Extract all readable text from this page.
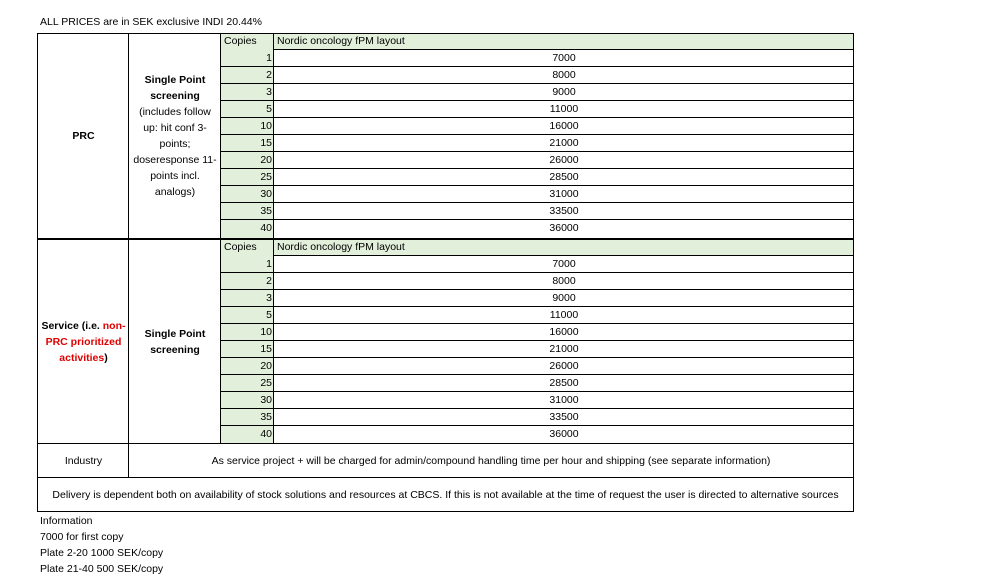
ALL PRICES are in SEK exclusive INDI 20.44%
PRC
Single Point screening
(includes follow up: hit conf 3-points; doseresponse 11-points incl. analogs)
Copies Nordic oncology fPM layout
1	7000
2	8000
3	9000
5	11000
10	16000
15	21000
20	26000
25	28500
30	31000
35	33500
40	36000
Service (i.e. non-PRC prioritized activities)
Single Point screening
Copies Nordic oncology fPM layout
1	7000
2	8000
3	9000
5	11000
10	16000
15	21000
20	26000
25	28500
30	31000
35	33500
40	36000
Industry	As service project + will be charged for admin/compound handling time per hour and shipping (see separate information)
Delivery is dependent both on availability of stock solutions and resources at CBCS. If this is not available at the time of request the user is directed to alternative sources
Information
7000 for first copy
Plate 2-20 1000 SEK/copy
Plate 21-40 500 SEK/copy
